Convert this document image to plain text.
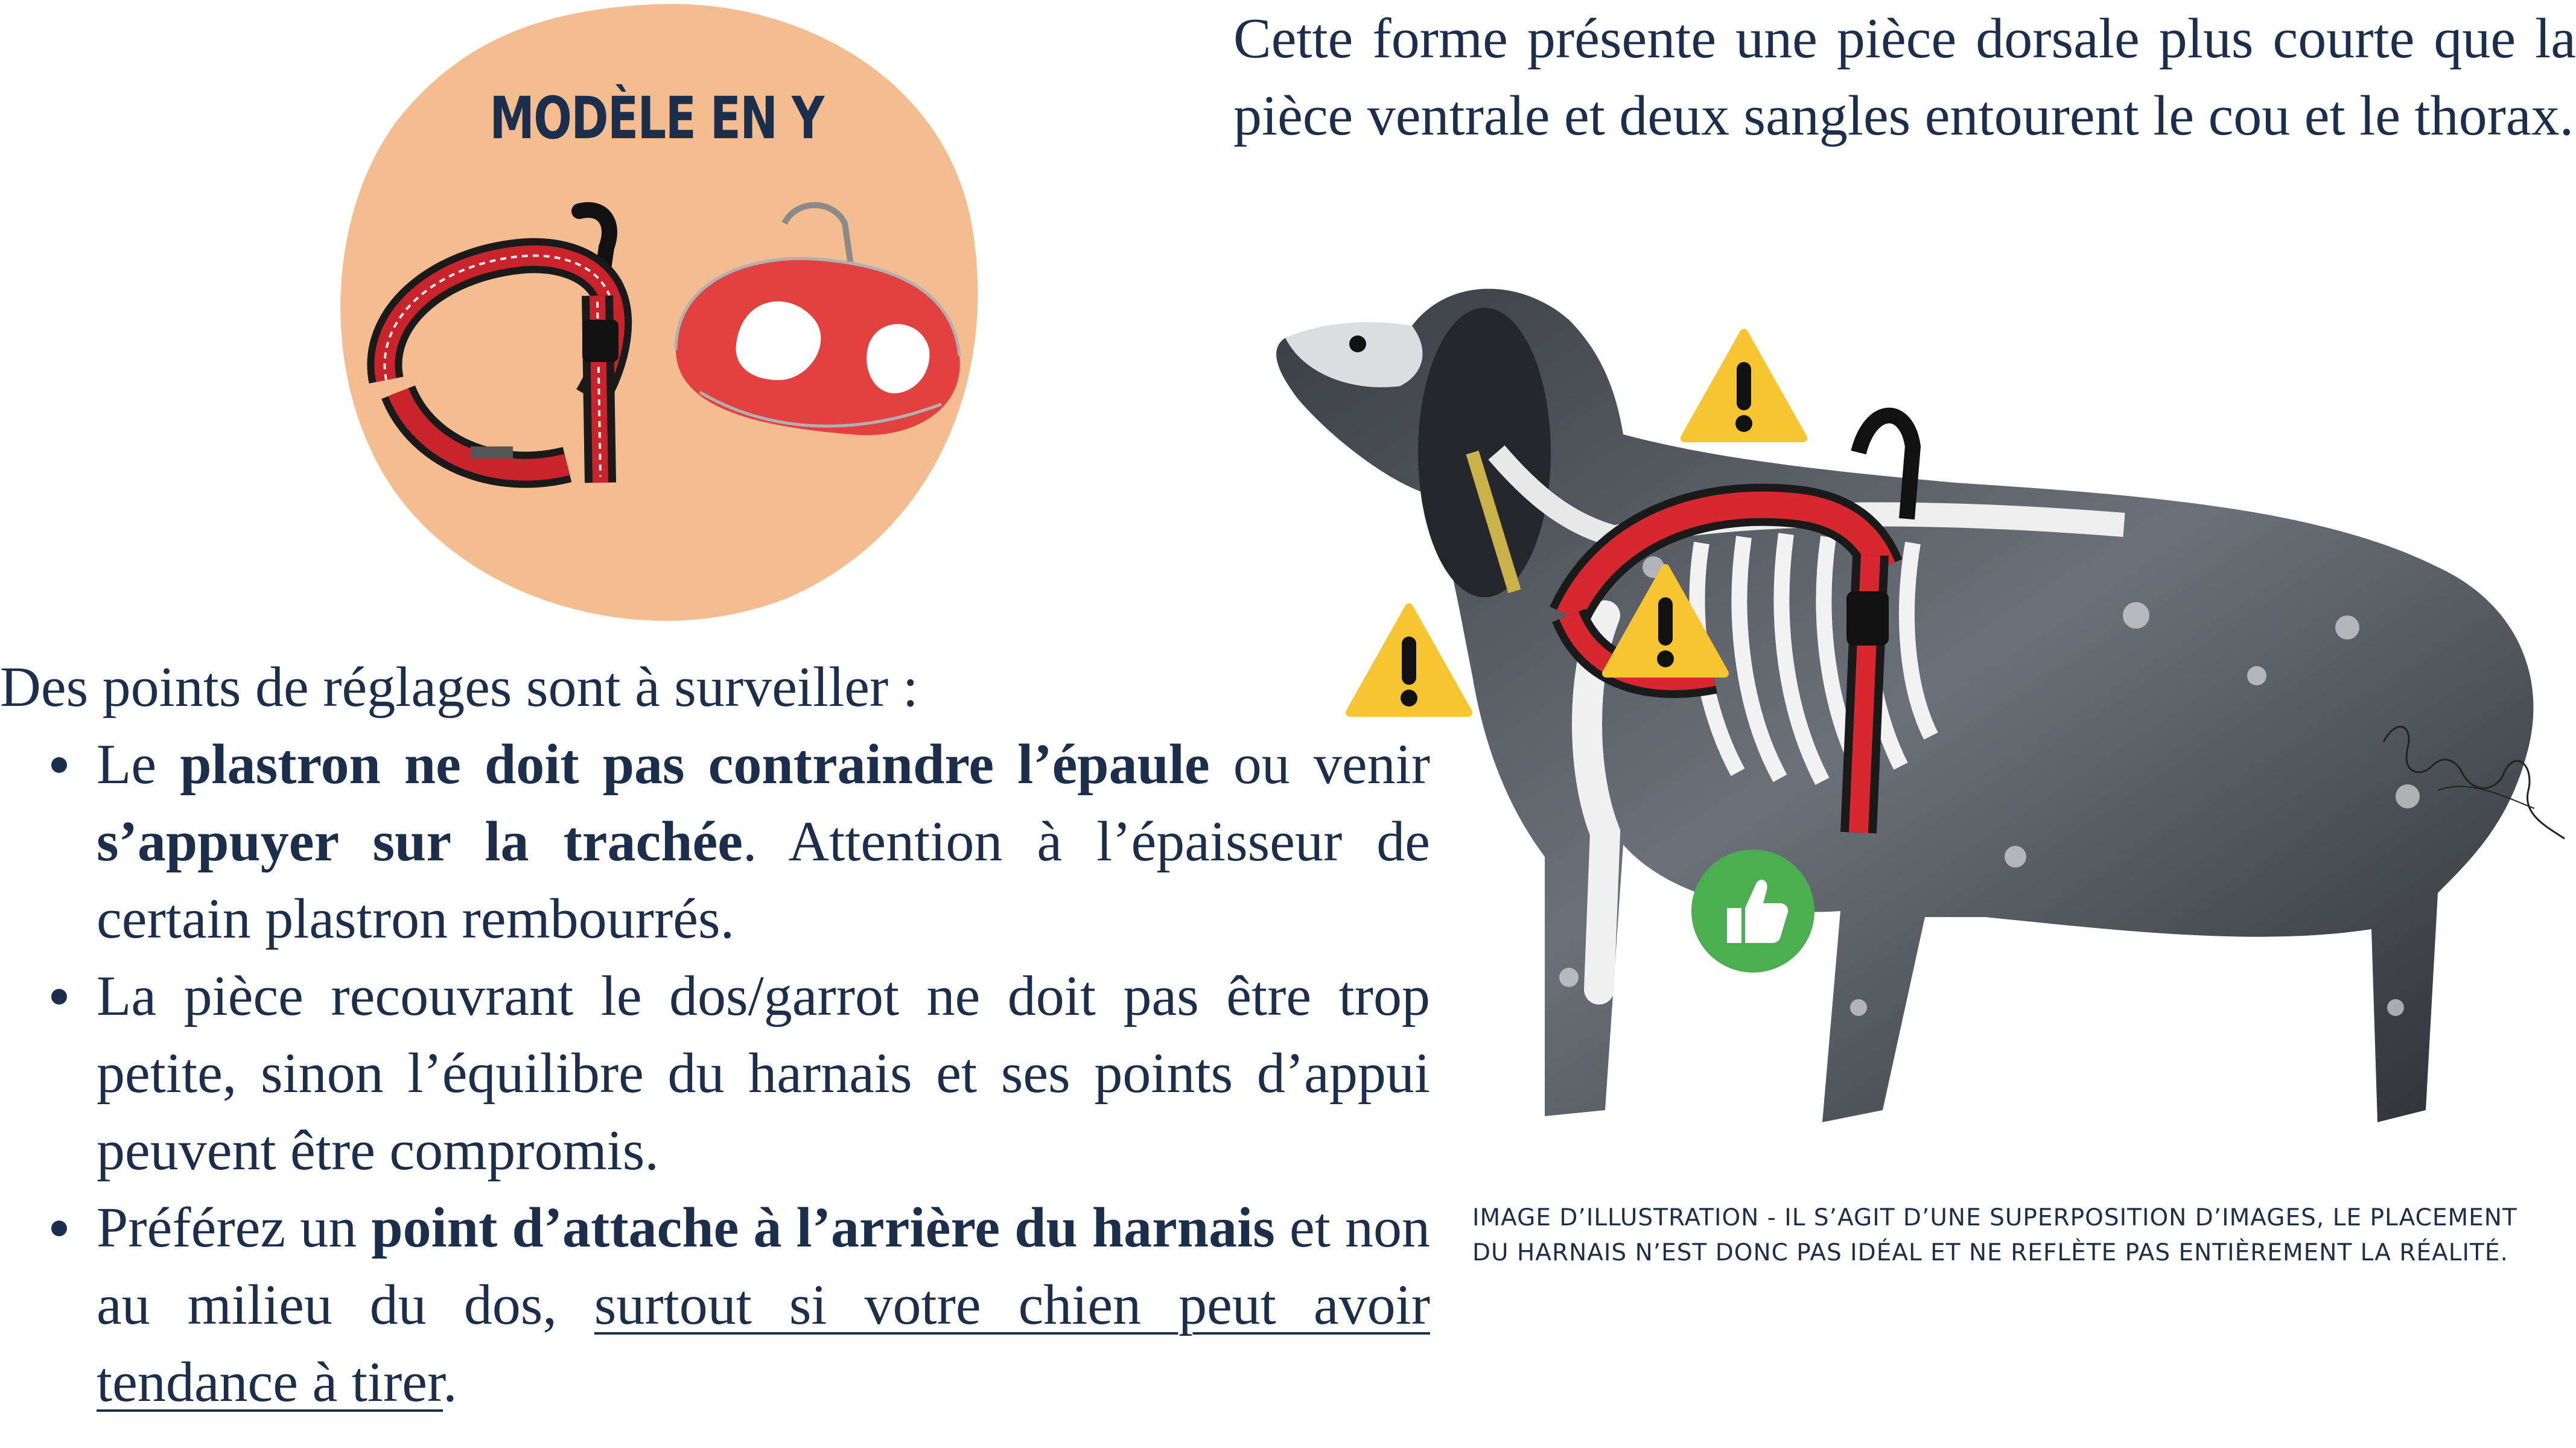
MODÈLE EN Y
Cette forme présente une pièce dorsale plus courte que la pièce ventrale et deux sangles entourent le cou et le thorax.
Des points de réglages sont à surveiller :
Le plastron ne doit pas contraindre l’épaule ou venir s’appuyer sur la trachée. Attention à l’épaisseur de certain plastron rembourrés.
La pièce recouvrant le dos/garrot ne doit pas être trop petite, sinon l’équilibre du harnais et ses points d’appui peuvent être compromis.
Préférez un point d’attache à l’arrière du harnais et non au milieu du dos, surtout si votre chien peut avoir tendance à tirer.
IMAGE D’ILLUSTRATION - IL S’AGIT D’UNE SUPERPOSITION D’IMAGES, LE PLACEMENT DU HARNAIS N’EST DONC PAS IDÉAL ET NE REFLÈTE PAS ENTIÈREMENT LA RÉALITÉ.
